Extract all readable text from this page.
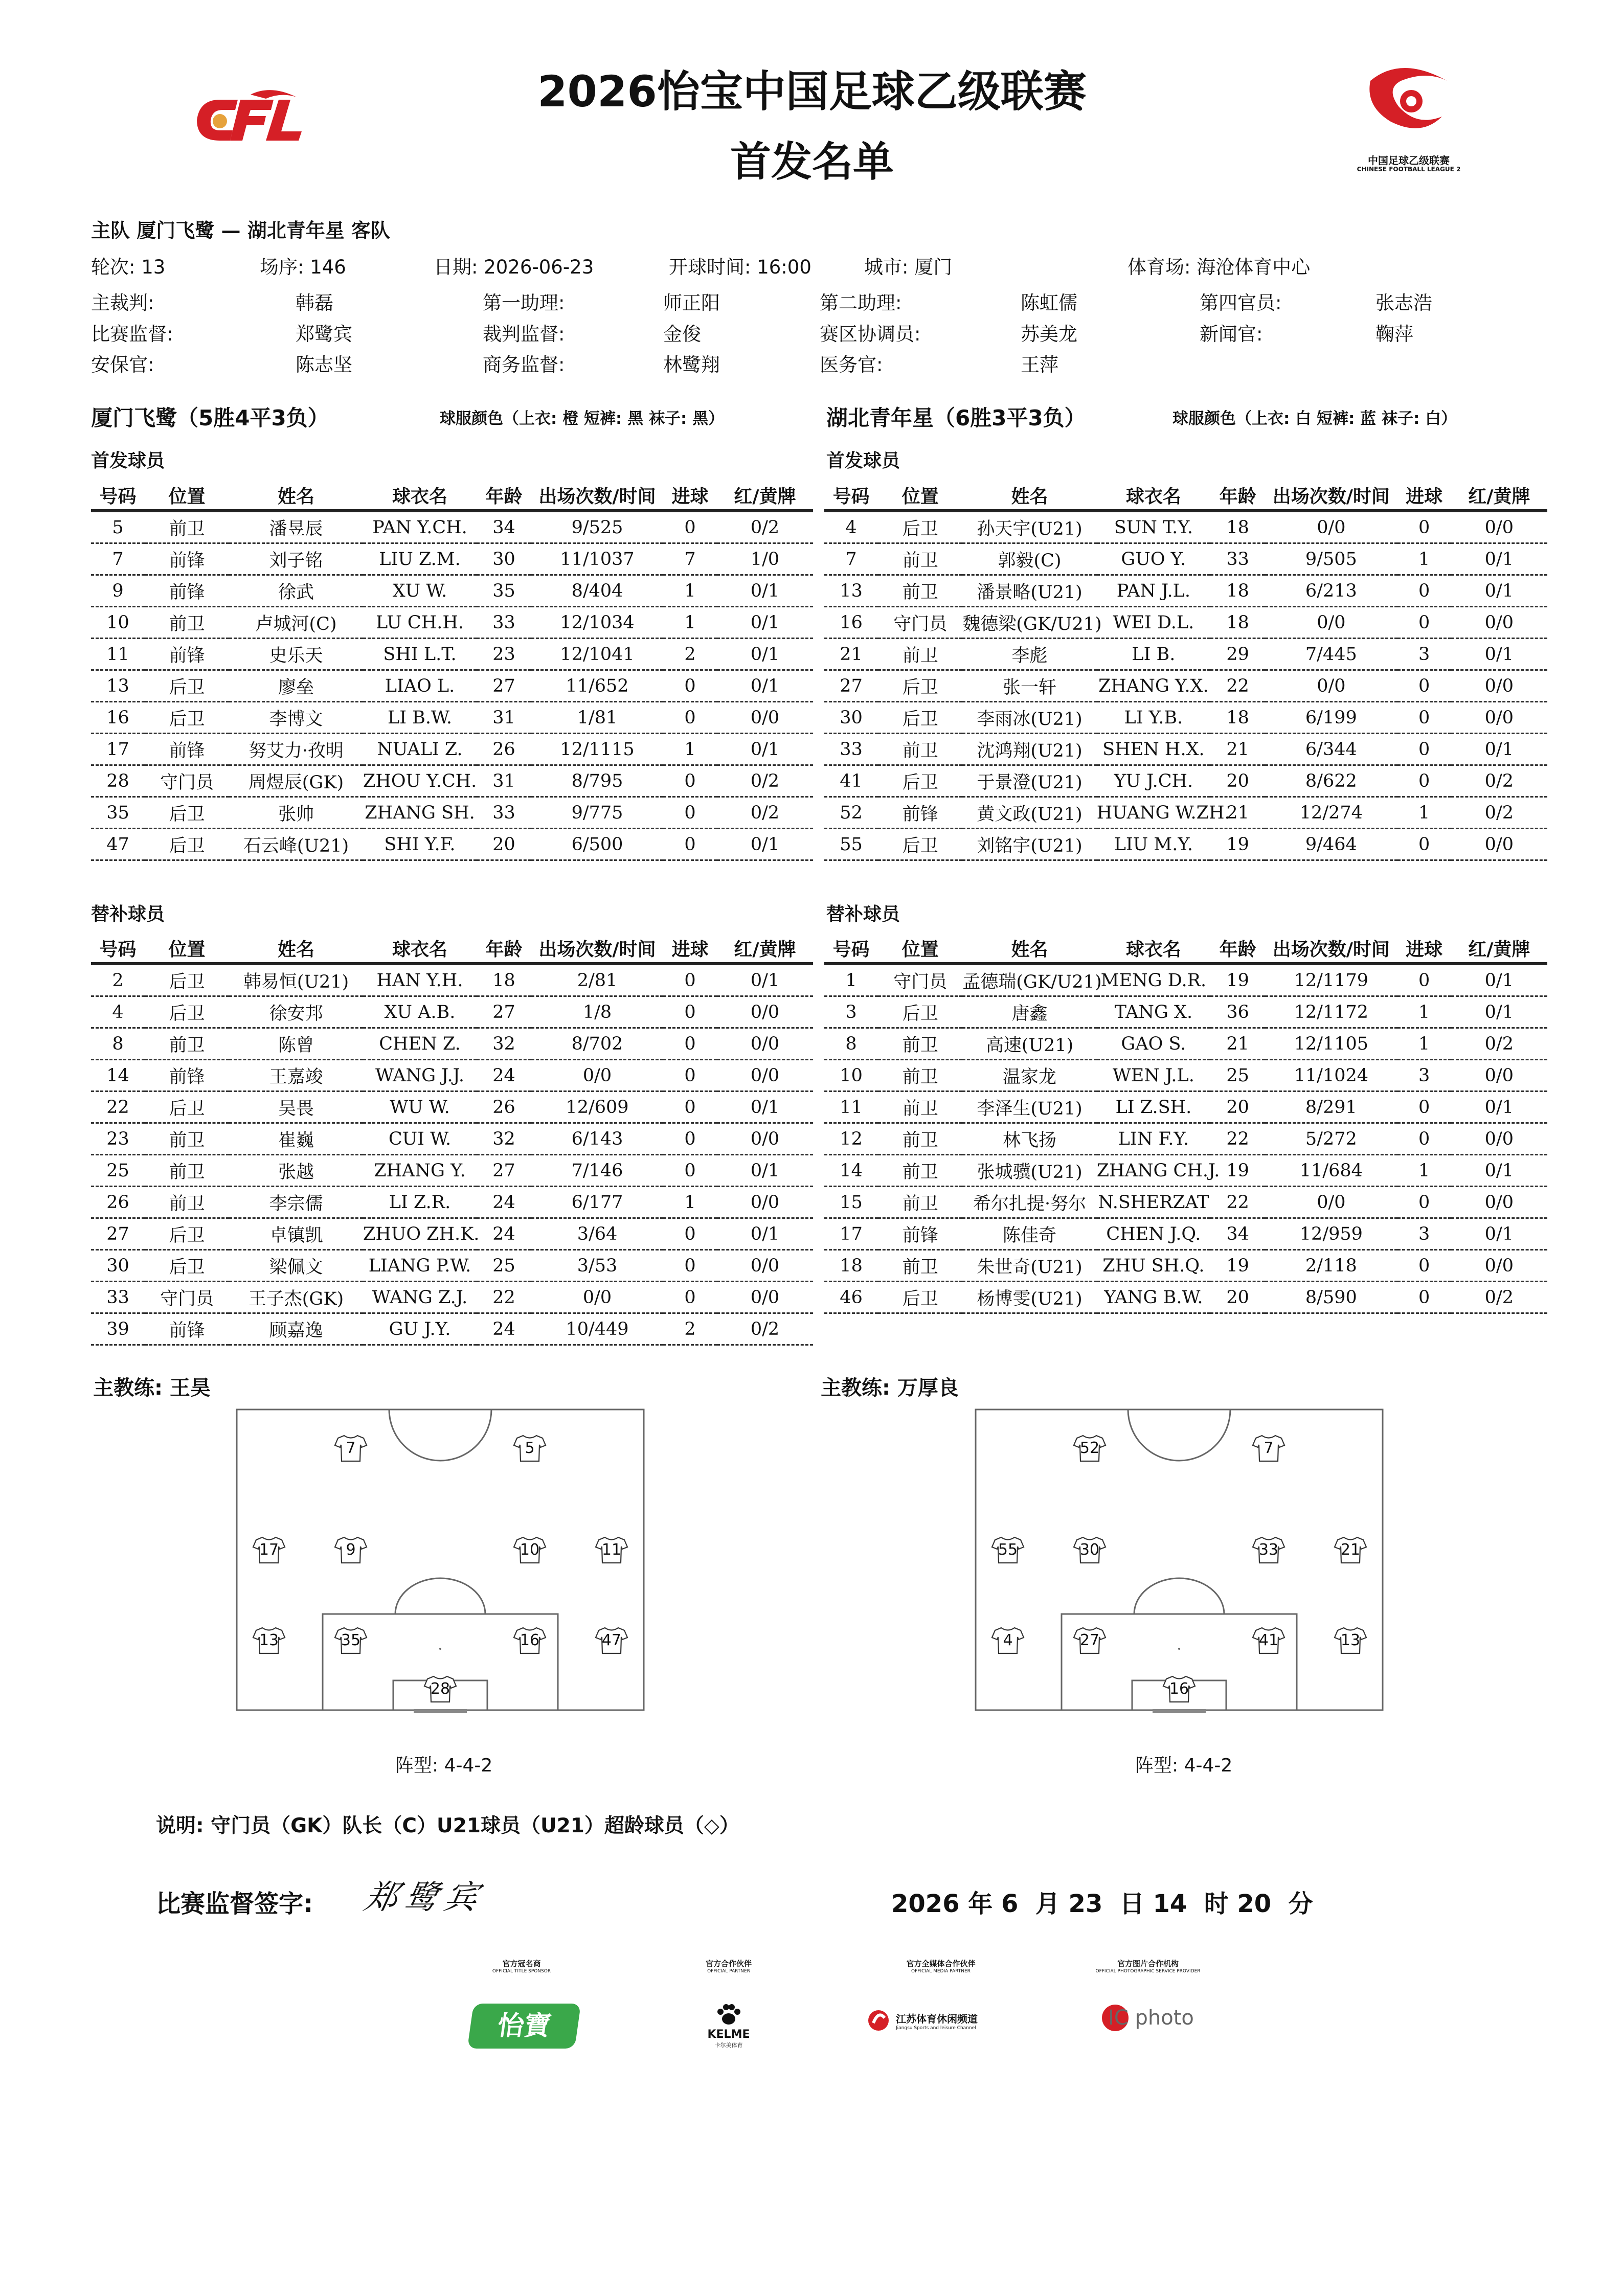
2026怡宝中国足球乙级联赛
首发名单	中国足球乙级联赛
CHINESE FOOTBALL LEAGUE 2
主队 厦门飞鹭 — 湖北青年星 客队
轮次: 13	场序: 146	日期: 2026-06-23	开球时间: 16:00	城市: 厦门	体育场: 海沧体育中心
主裁判:	韩磊	第一助理:	师正阳	第二助理:	陈虹儒	第四官员:	张志浩
比赛监督:	郑鹭宾	裁判监督:	金俊	赛区协调员:	苏美龙	新闻官:	鞠萍
安保官:	陈志坚	商务监督:	林鹭翔	医务官:	王萍
厦门飞鹭（5胜4平3负）	球服颜色（上衣: 橙 短裤: 黑 袜子: 黑）	湖北青年星（6胜3平3负）	球服颜色（上衣: 白 短裤: 蓝 袜子: 白）
首发球员	首发球员
替补球员	替补球员
号码	位置	姓名	球衣名	年龄	出场次数/时间	进球	红/黄牌
5	前卫	潘昱辰	PAN Y.CH.	34	9/525	0	0/2
7	前锋	刘子铭	LIU Z.M.	30	11/1037	7	1/0
9	前锋	徐武	XU W.	35	8/404	1	0/1
10	前卫	卢城河(C)	LU CH.H.	33	12/1034	1	0/1
11	前锋	史乐天	SHI L.T.	23	12/1041	2	0/1
13	后卫	廖垒	LIAO L.	27	11/652	0	0/1
16	后卫	李博文	LI B.W.	31	1/81	0	0/0
17	前锋	努艾力·孜明	NUALI Z.	26	12/1115	1	0/1
28	守门员	周煜辰(GK)	ZHOU Y.CH.	31	8/795	0	0/2
35	后卫	张帅	ZHANG SH.	33	9/775	0	0/2
47	后卫	石云峰(U21)	SHI Y.F.	20	6/500	0	0/1
号码	位置	姓名	球衣名	年龄	出场次数/时间	进球	红/黄牌
4	后卫	孙天宇(U21)	SUN T.Y.	18	0/0	0	0/0
7	前卫	郭毅(C)	GUO Y.	33	9/505	1	0/1
13	前卫	潘景略(U21)	PAN J.L.	18	6/213	0	0/1
16	守门员	魏德梁(GK/U21)	WEI D.L.	18	0/0	0	0/0
21	前卫	李彪	LI B.	29	7/445	3	0/1
27	后卫	张一轩	ZHANG Y.X.	22	0/0	0	0/0
30	后卫	李雨冰(U21)	LI Y.B.	18	6/199	0	0/0
33	前卫	沈鸿翔(U21)	SHEN H.X.	21	6/344	0	0/1
41	后卫	于景澄(U21)	YU J.CH.	20	8/622	0	0/2
52	前锋	黄文政(U21)	HUANG W.ZH.	21	12/274	1	0/2
55	后卫	刘铭宇(U21)	LIU M.Y.	19	9/464	0	0/0
号码	位置	姓名	球衣名	年龄	出场次数/时间	进球	红/黄牌
2	后卫	韩易恒(U21)	HAN Y.H.	18	2/81	0	0/1
4	后卫	徐安邦	XU A.B.	27	1/8	0	0/0
8	前卫	陈曾	CHEN Z.	32	8/702	0	0/0
14	前锋	王嘉竣	WANG J.J.	24	0/0	0	0/0
22	后卫	吴畏	WU W.	26	12/609	0	0/1
23	前卫	崔巍	CUI W.	32	6/143	0	0/0
25	前卫	张越	ZHANG Y.	27	7/146	0	0/1
26	前卫	李宗儒	LI Z.R.	24	6/177	1	0/0
27	后卫	卓镇凯	ZHUO ZH.K.	24	3/64	0	0/1
30	后卫	梁佩文	LIANG P.W.	25	3/53	0	0/0
33	守门员	王子杰(GK)	WANG Z.J.	22	0/0	0	0/0
39	前锋	顾嘉逸	GU J.Y.	24	10/449	2	0/2
号码	位置	姓名	球衣名	年龄	出场次数/时间	进球	红/黄牌
1	守门员	孟德瑞(GK/U21)	MENG D.R.	19	12/1179	0	0/1
3	后卫	唐鑫	TANG X.	36	12/1172	1	0/1
8	前卫	高速(U21)	GAO S.	21	12/1105	1	0/2
10	前卫	温家龙	WEN J.L.	25	11/1024	3	0/0
11	前卫	李泽生(U21)	LI Z.SH.	20	8/291	0	0/1
12	前卫	林飞扬	LIN F.Y.	22	5/272	0	0/0
14	前卫	张城骥(U21)	ZHANG CH.J.	19	11/684	1	0/1
15	前卫	希尔扎提·努尔	N.SHERZAT	22	0/0	0	0/0
17	前锋	陈佳奇	CHEN J.Q.	34	12/959	3	0/1
18	前卫	朱世奇(U21)	ZHU SH.Q.	19	2/118	0	0/0
46	后卫	杨博雯(U21)	YANG B.W.	20	8/590	0	0/2
主教练: 王昊	主教练: 万厚良
7	5
17	9	10	11
13	35	16	47
28
52	7
55	30	33	21
4	27	41	13
16
阵型: 4-4-2	阵型: 4-4-2
说明: 守门员（GK）队长（C）U21球员（U21）超龄球员（◇）
比赛监督签字: 郑鹭宾	2026 年 6  月 23  日 14  时 20  分
官方冠名商
OFFICIAL TITLE SPONSOR
怡寶
官方合作伙伴
OFFICIAL PARTNER
KELME
卡尔美体育
官方全媒体合作伙伴
OFFICIAL MEDIA PARTNER
江苏体育休闲频道
Jiangsu Sports and leisure Channel
官方图片合作机构
OFFICIAL PHOTOGRAPHIC SERVICE PROVIDER
IC photo
